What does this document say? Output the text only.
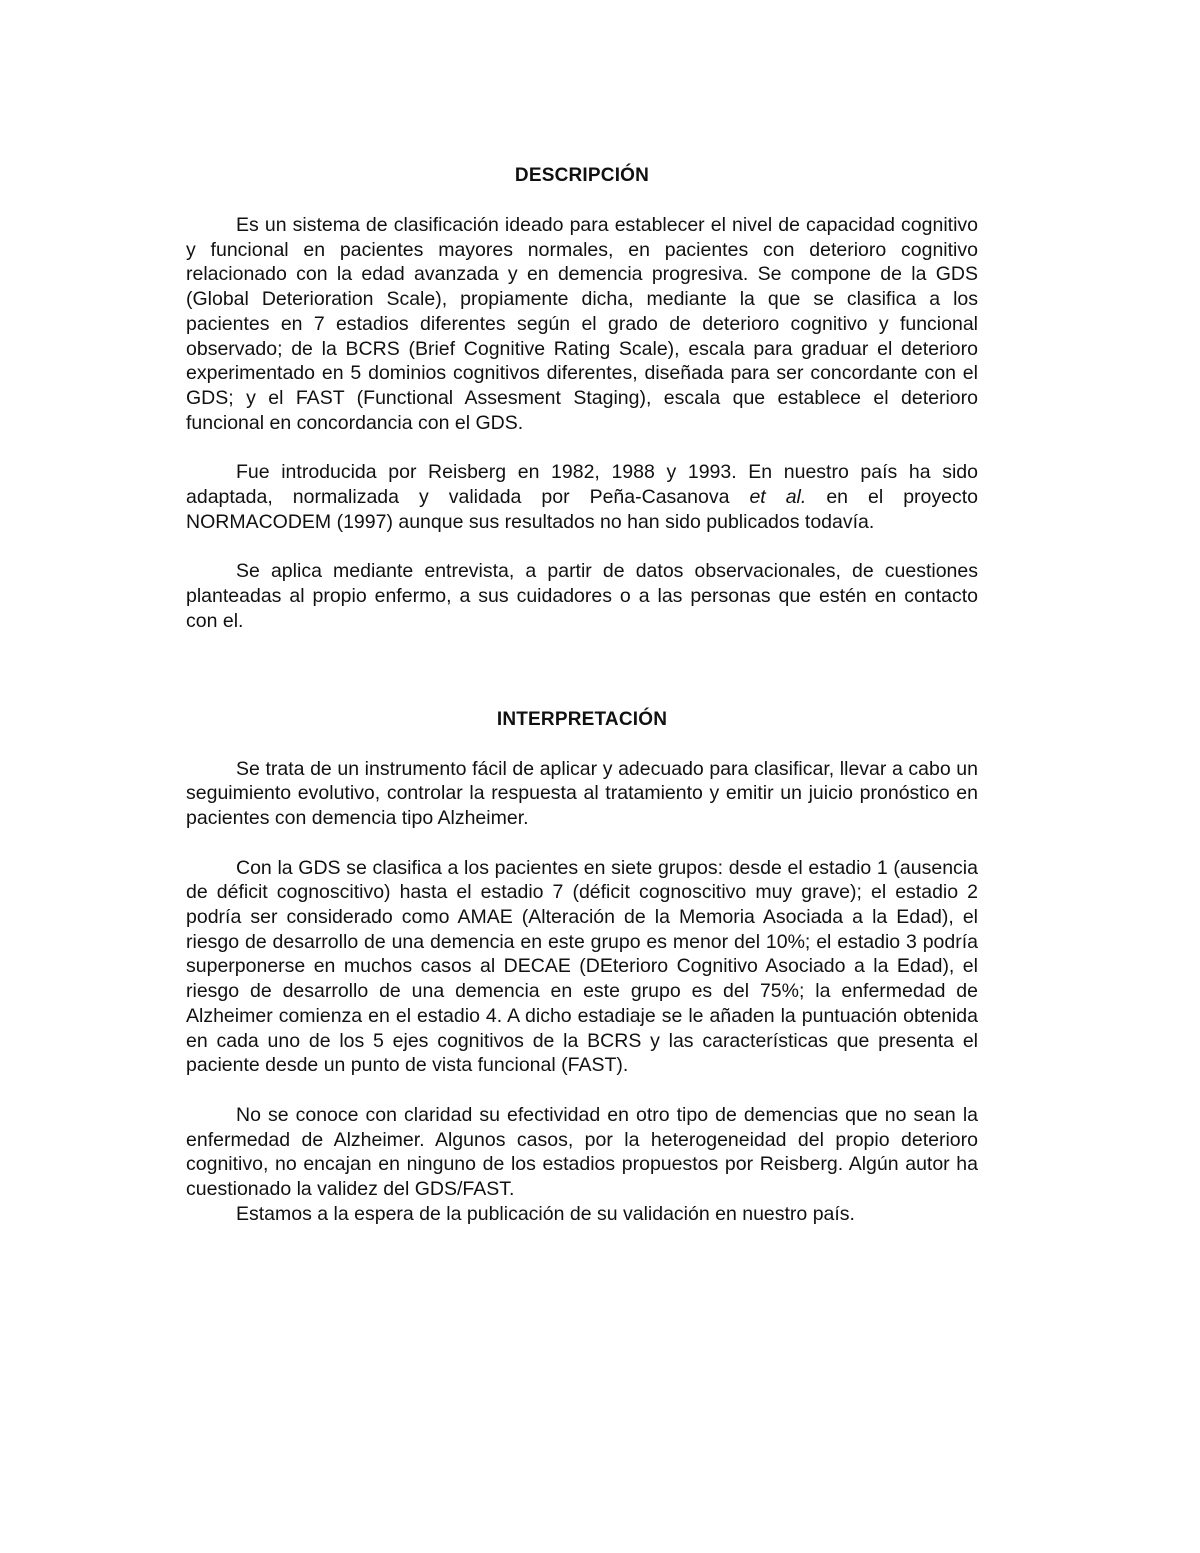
DESCRIPCIÓN

Es un sistema de clasificación ideado para establecer el nivel de capacidad cognitivo y funcional en pacientes mayores normales, en pacientes con deterioro cognitivo relacionado con la edad avanzada y en demencia progresiva. Se compone de la GDS (Global Deterioration Scale), propiamente dicha, mediante la que se clasifica a los pacientes en 7 estadios diferentes según el grado de deterioro cognitivo y funcional observado; de la BCRS (Brief Cognitive Rating Scale), escala para graduar el deterioro experimentado en 5 dominios cognitivos diferentes, diseñada para ser concordante con el GDS; y el FAST (Functional Assesment Staging), escala que establece el deterioro funcional en concordancia con el GDS.

Fue introducida por Reisberg en 1982, 1988 y 1993. En nuestro país ha sido adaptada, normalizada y validada por Peña-Casanova et al. en el proyecto NORMACODEM (1997) aunque sus resultados no han sido publicados todavía.

Se aplica mediante entrevista, a partir de datos observacionales, de cuestiones planteadas al propio enfermo, a sus cuidadores o a las personas que estén en contacto con el.

INTERPRETACIÓN

Se trata de un instrumento fácil de aplicar y adecuado para clasificar, llevar a cabo un seguimiento evolutivo, controlar la respuesta al tratamiento y emitir un juicio pronóstico en pacientes con demencia tipo Alzheimer.

Con la GDS se clasifica a los pacientes en siete grupos: desde el estadio 1 (ausencia de déficit cognoscitivo) hasta el estadio 7 (déficit cognoscitivo muy grave); el estadio 2 podría ser considerado como AMAE (Alteración de la Memoria Asociada a la Edad), el riesgo de desarrollo de una demencia en este grupo es menor del 10%; el estadio 3 podría superponerse en muchos casos al DECAE (DEterioro Cognitivo Asociado a la Edad), el riesgo de desarrollo de una demencia en este grupo es del 75%; la enfermedad de Alzheimer comienza en el estadio 4. A dicho estadiaje se le añaden la puntuación obtenida en cada uno de los 5 ejes cognitivos de la BCRS y las características que presenta el paciente desde un punto de vista funcional (FAST).

No se conoce con claridad su efectividad en otro tipo de demencias que no sean la enfermedad de Alzheimer. Algunos casos, por la heterogeneidad del propio deterioro cognitivo, no encajan en ninguno de los estadios propuestos por Reisberg. Algún autor ha cuestionado la validez del GDS/FAST.

Estamos a la espera de la publicación de su validación en nuestro país.
